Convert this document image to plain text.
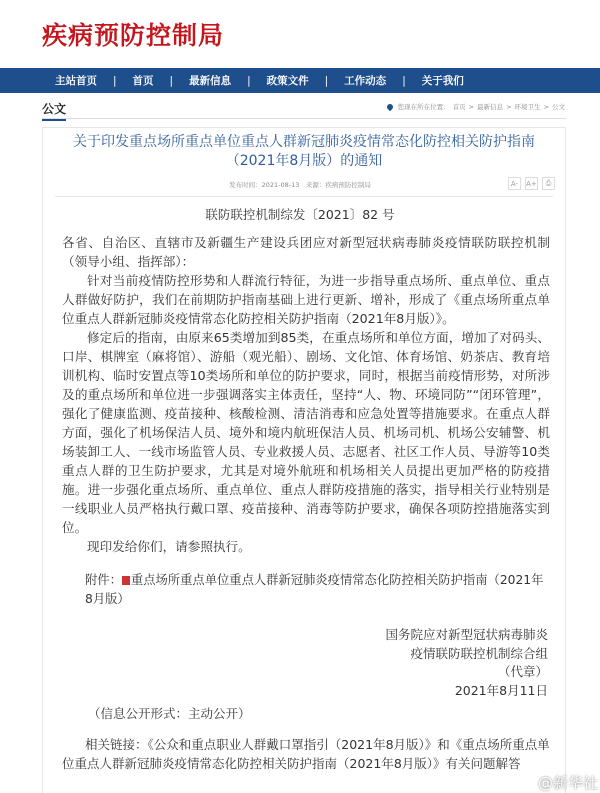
疾病预防控制局
主站首页 | 首页 | 最新信息 | 政策文件 | 工作动态 | 关于我们
公文	您现在所在位置： 首页 > 最新信息 > 环境卫生 > 公文
关于印发重点场所重点单位重点人群新冠肺炎疫情常态化防控相关防护指南（2021年8月版）的通知
发布时间：2021-08-13　来源：疾病预防控制局	A-	A+	⎙
联防联控机制综发〔2021〕82 号

各省、自治区、直辖市及新疆生产建设兵团应对新型冠状病毒肺炎疫情联防联控机制（领导小组、指挥部）：

针对当前疫情防控形势和人群流行特征，为进一步指导重点场所、重点单位、重点人群做好防护，我们在前期防护指南基础上进行更新、增补，形成了《重点场所重点单位重点人群新冠肺炎疫情常态化防控相关防护指南（2021年8月版）》。

修定后的指南，由原来65类增加到85类，在重点场所和单位方面，增加了对码头、口岸、棋牌室（麻将馆）、游船（观光船）、剧场、文化馆、体育场馆、奶茶店、教育培训机构、临时安置点等10类场所和单位的防护要求，同时，根据当前疫情形势，对所涉及的重点场所和单位进一步强调落实主体责任，坚持“人、物、环境同防”“闭环管理”，强化了健康监测、疫苗接种、核酸检测、清洁消毒和应急处置等措施要求。在重点人群方面，强化了机场保洁人员、境外和境内航班保洁人员、机场司机、机场公安辅警、机场装卸工人、一线市场监管人员、专业救援人员、志愿者、社区工作人员、导游等10类重点人群的卫生防护要求，尤其是对境外航班和机场相关人员提出更加严格的防疫措施。进一步强化重点场所、重点单位、重点人群防疫措施的落实，指导相关行业特别是一线职业人员严格执行戴口罩、疫苗接种、消毒等防护要求，确保各项防控措施落实到位。

现印发给你们，请参照执行。

附件： 重点场所重点单位重点人群新冠肺炎疫情常态化防控相关防护指南（2021年8月版）
国务院应对新型冠状病毒肺炎
疫情联防联控机制综合组
（代章）
2021年8月11日
（信息公开形式：主动公开）
相关链接：《公众和重点职业人群戴口罩指引（2021年8月版）》和《重点场所重点单位重点人群新冠肺炎疫情常态化防控相关防护指南（2021年8月版）》有关问题解答
@新华社
